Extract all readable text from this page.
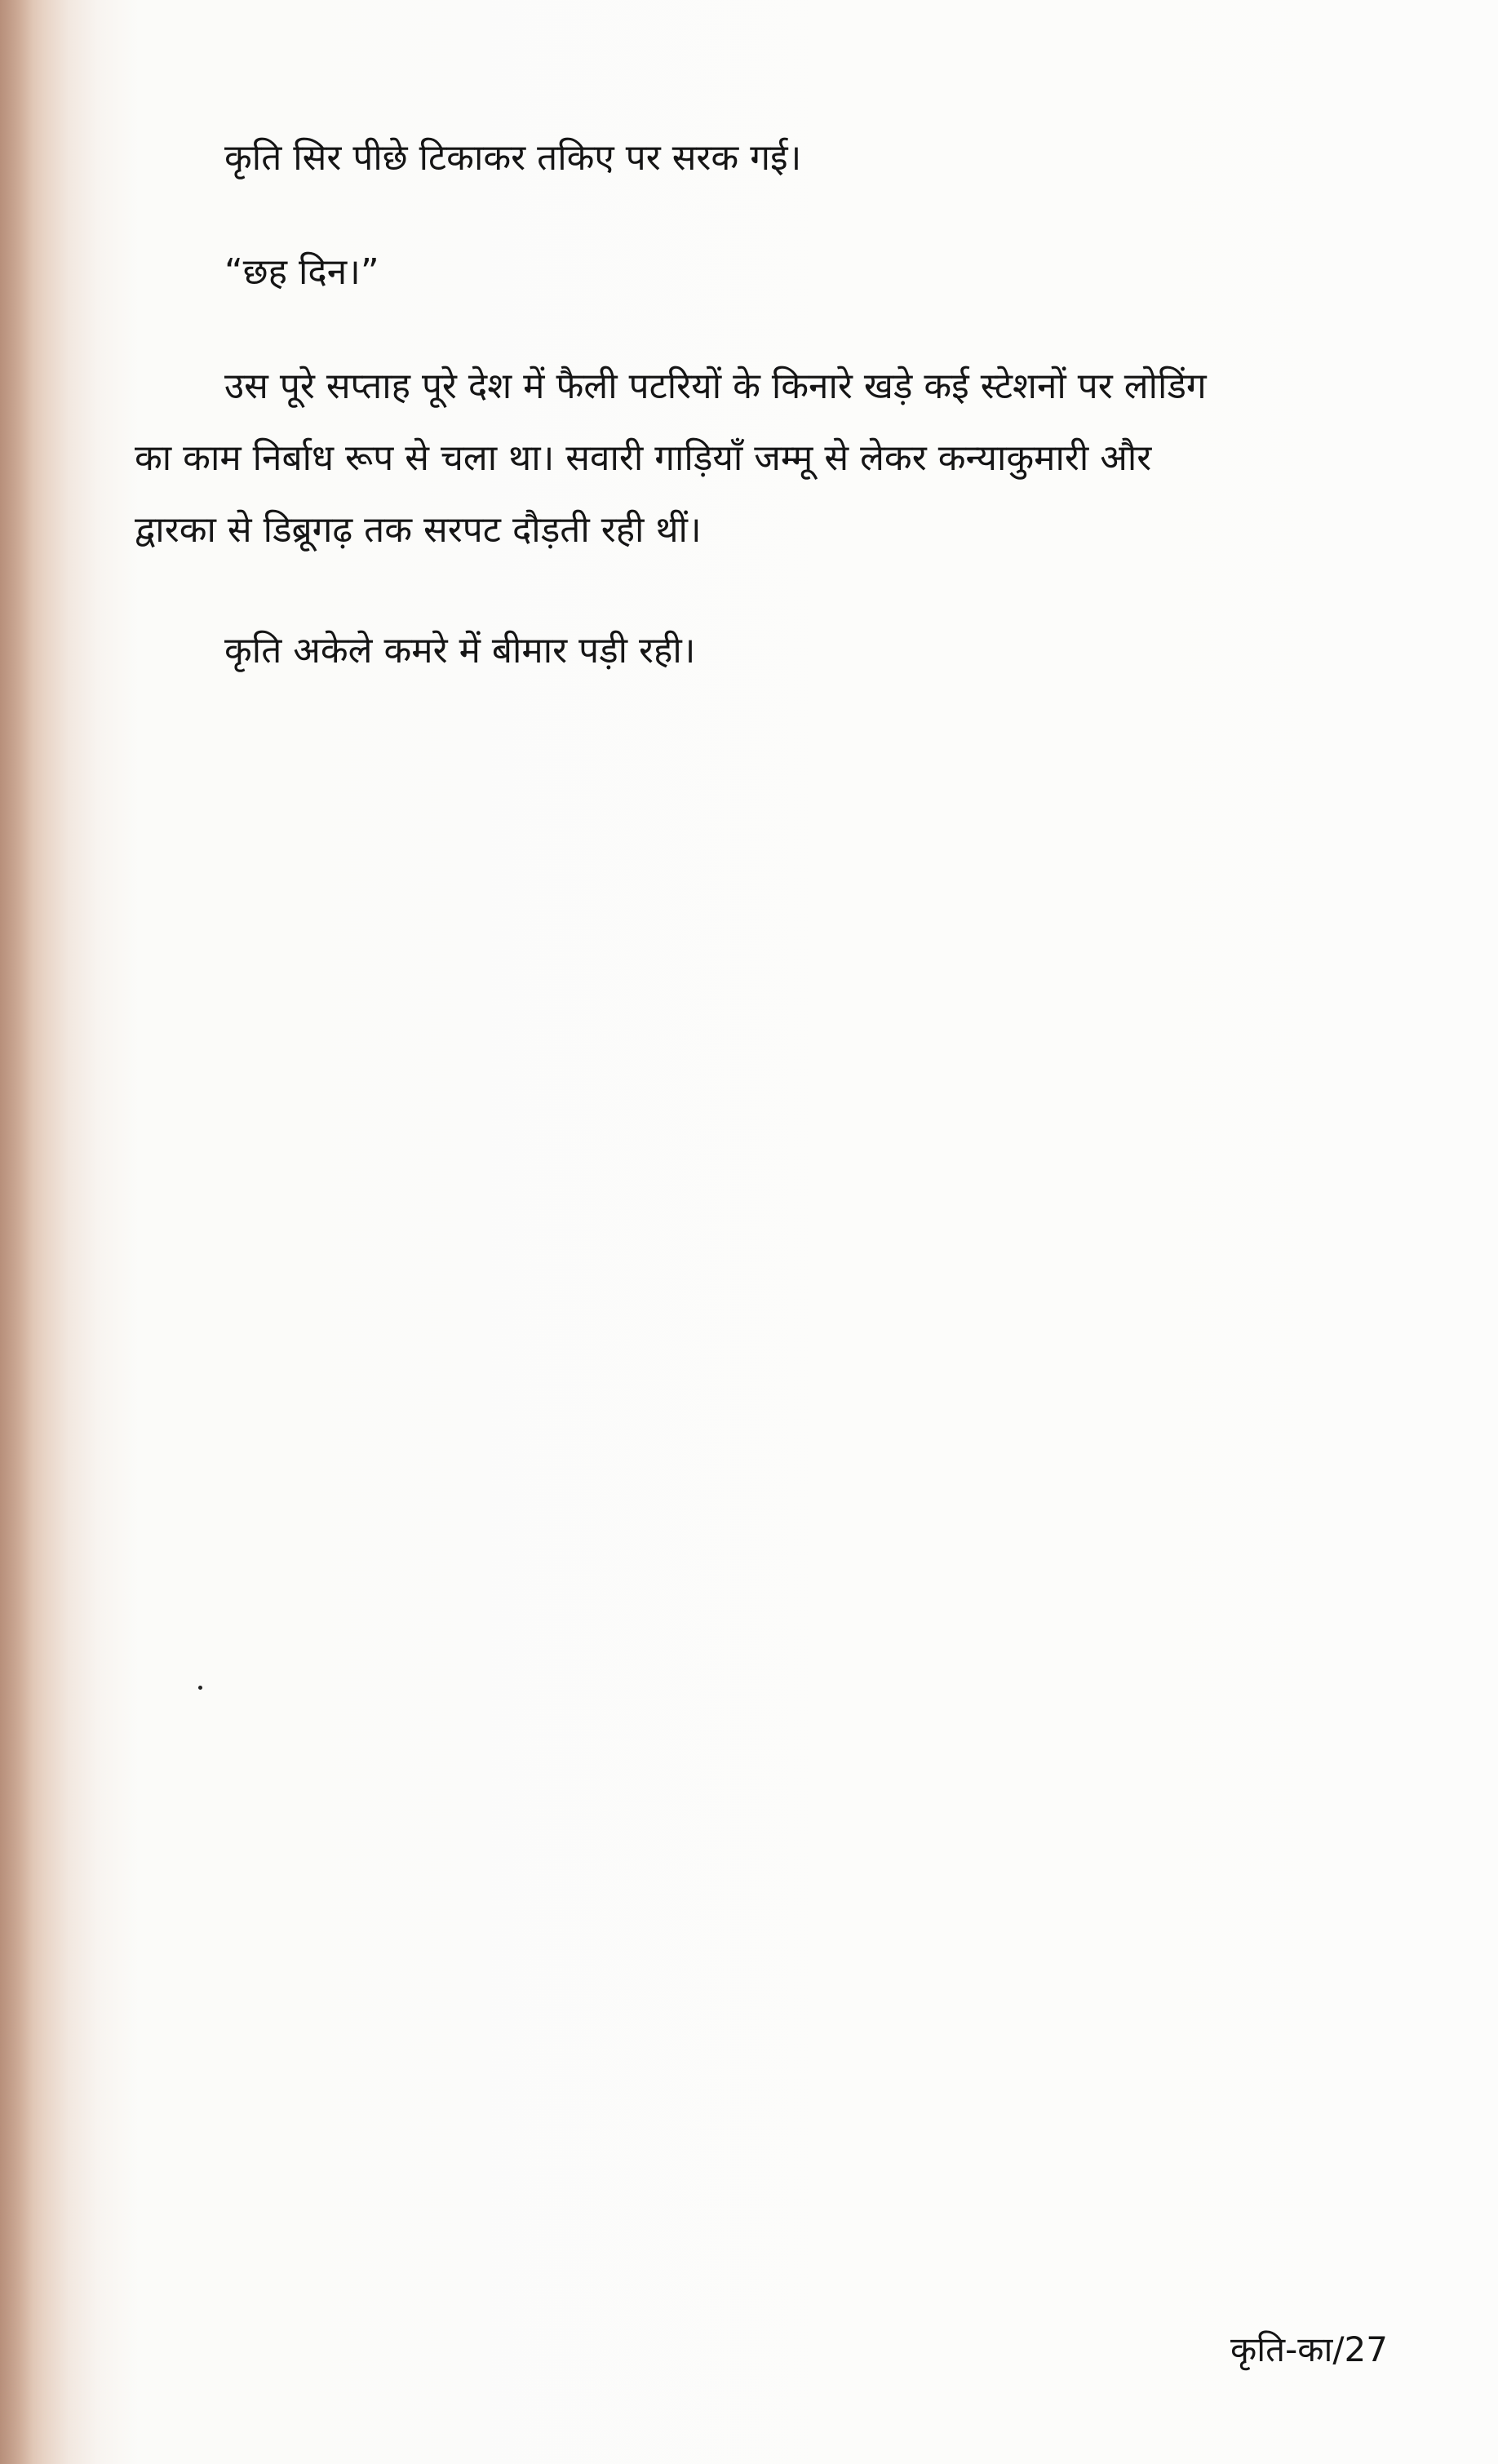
कृति सिर पीछे टिकाकर तकिए पर सरक गई।
“छह दिन।”
उस पूरे सप्ताह पूरे देश में फैली पटरियों के किनारे खड़े कई स्टेशनों पर लोडिंग
का काम निर्बाध रूप से चला था। सवारी गाड़ियाँ जम्मू से लेकर कन्याकुमारी और
द्वारका से डिब्रूगढ़ तक सरपट दौड़ती रही थीं।
कृति अकेले कमरे में बीमार पड़ी रही।
कृति-का/27
